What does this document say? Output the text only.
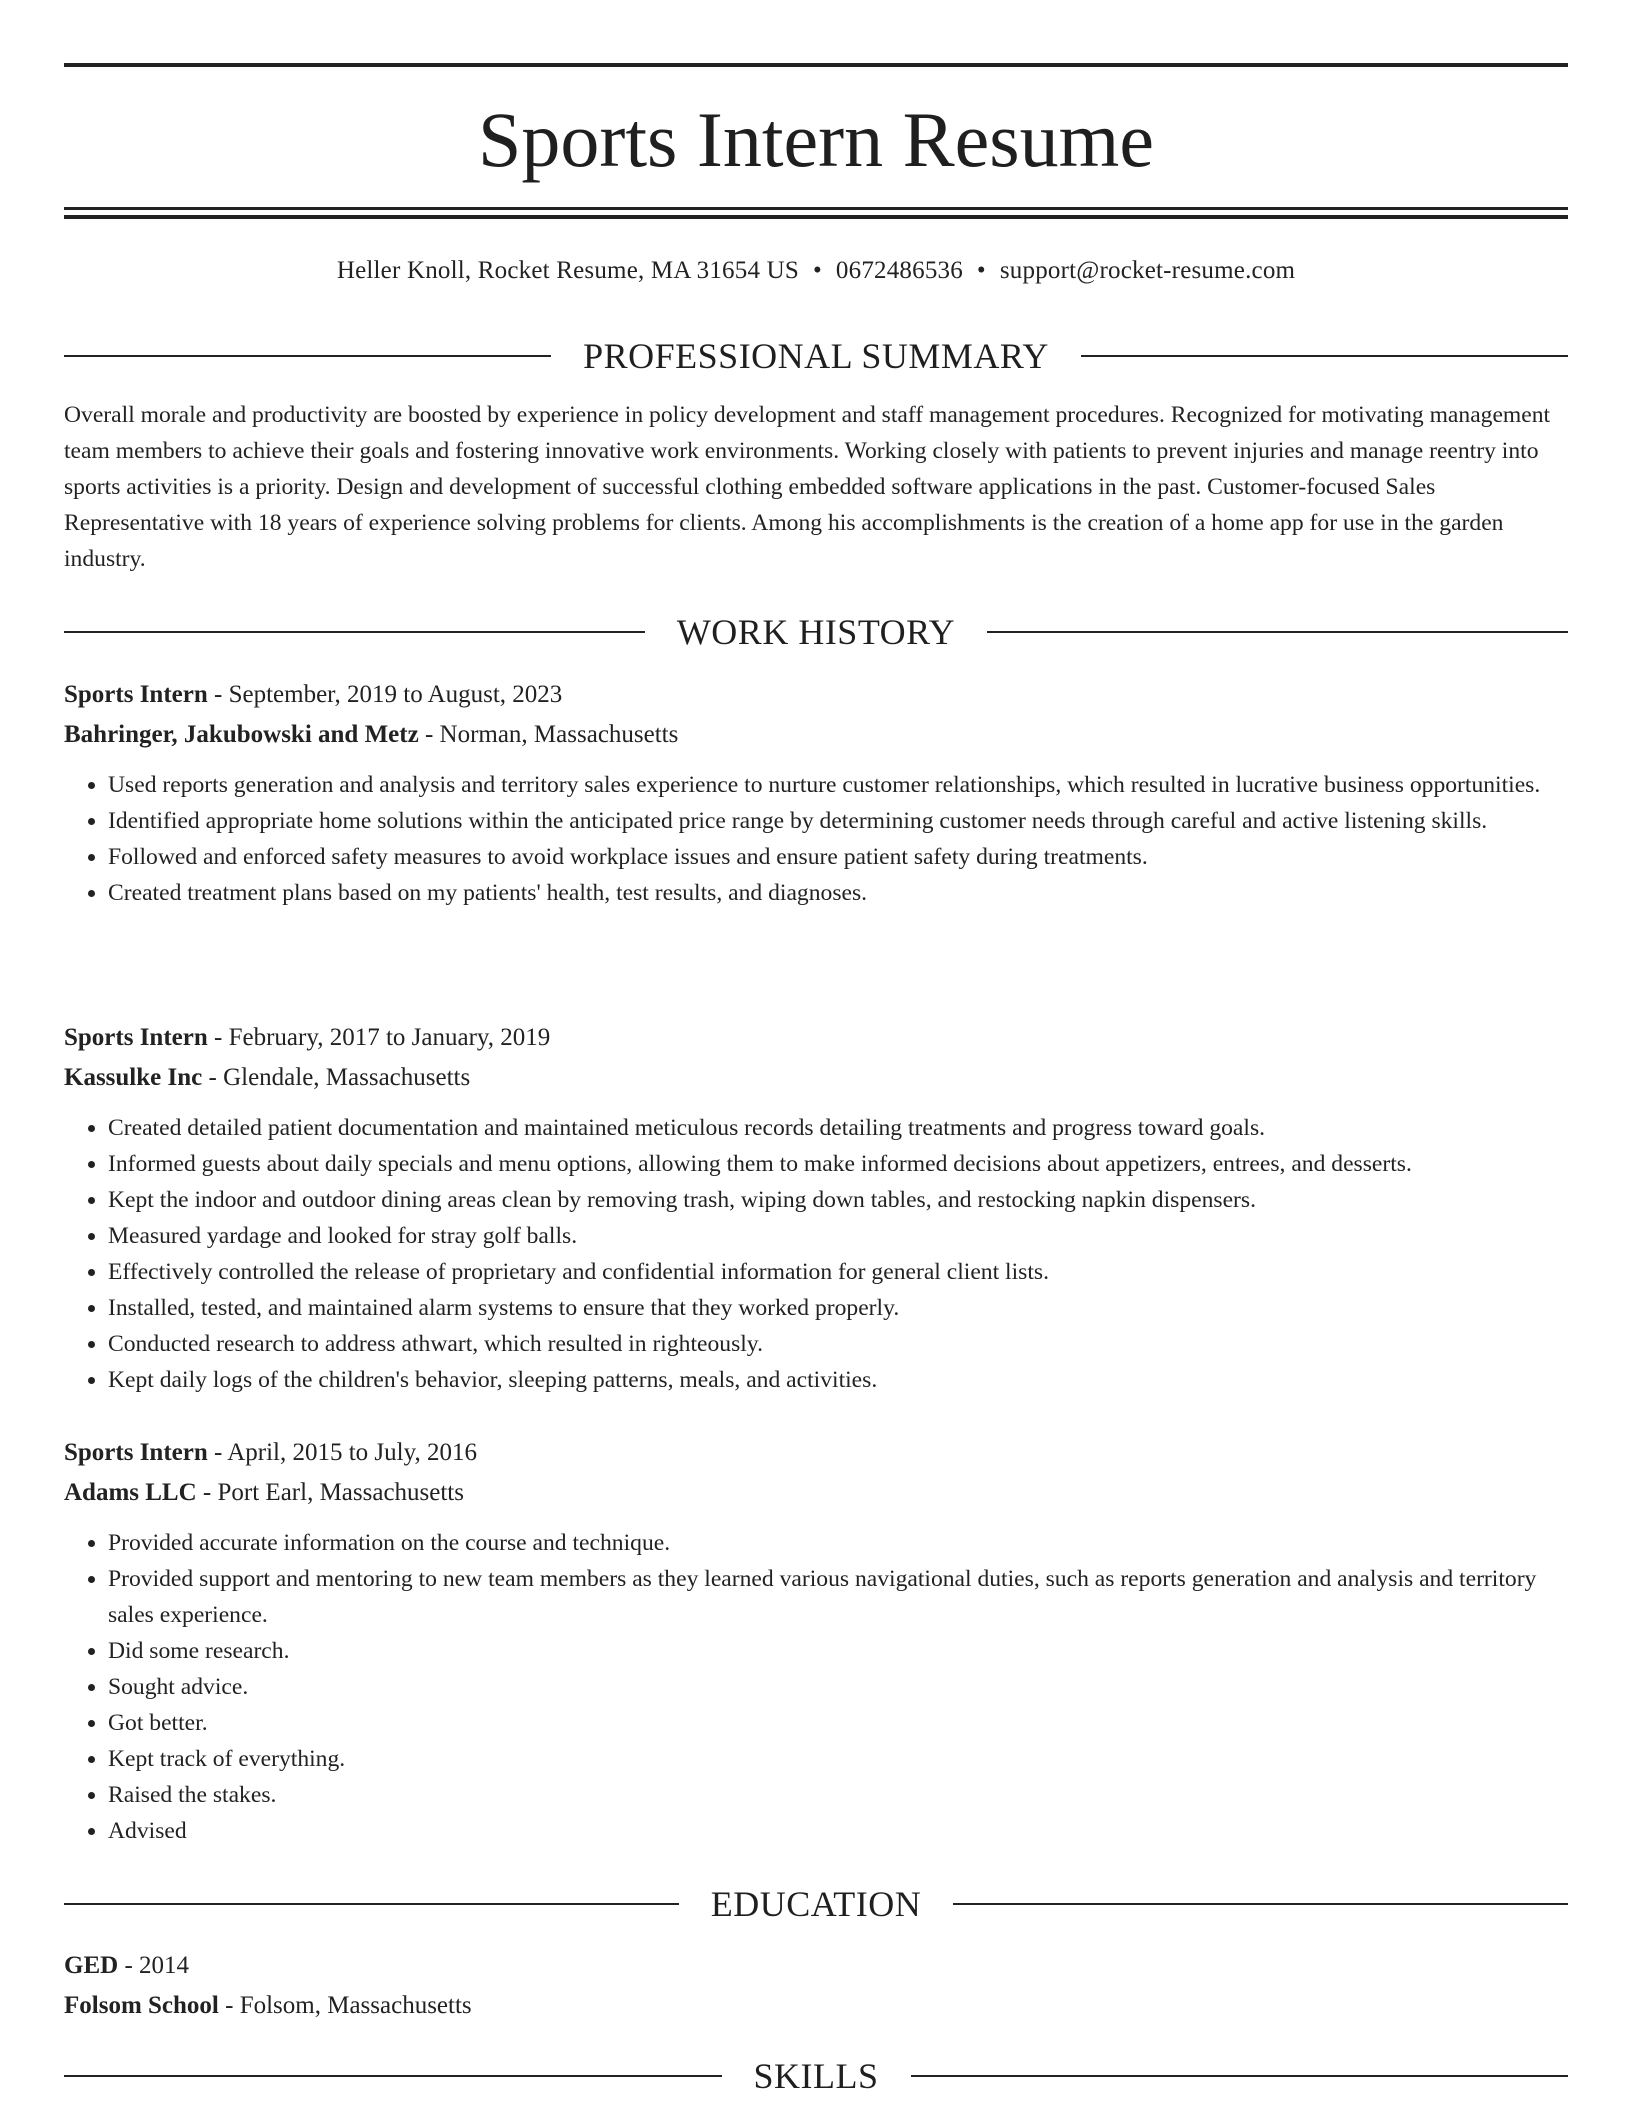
Sports Intern Resume
Heller Knoll, Rocket Resume, MA 31654 US • 0672486536 • support@rocket-resume.com
PROFESSIONAL SUMMARY

Overall morale and productivity are boosted by experience in policy development and staff management procedures. Recognized for motivating management team members to achieve their goals and fostering innovative work environments. Working closely with patients to prevent injuries and manage reentry into sports activities is a priority. Design and development of successful clothing embedded software applications in the past. Customer-focused Sales Representative with 18 years of experience solving problems for clients. Among his accomplishments is the creation of a home app for use in the garden industry.

WORK HISTORY
Sports Intern - September, 2019 to August, 2023
Bahringer, Jakubowski and Metz - Norman, Massachusetts
• Used reports generation and analysis and territory sales experience to nurture customer relationships, which resulted in lucrative business opportunities.
• Identified appropriate home solutions within the anticipated price range by determining customer needs through careful and active listening skills.
• Followed and enforced safety measures to avoid workplace issues and ensure patient safety during treatments.
• Created treatment plans based on my patients' health, test results, and diagnoses.
Sports Intern - February, 2017 to January, 2019
Kassulke Inc - Glendale, Massachusetts
• Created detailed patient documentation and maintained meticulous records detailing treatments and progress toward goals.
• Informed guests about daily specials and menu options, allowing them to make informed decisions about appetizers, entrees, and desserts.
• Kept the indoor and outdoor dining areas clean by removing trash, wiping down tables, and restocking napkin dispensers.
• Measured yardage and looked for stray golf balls.
• Effectively controlled the release of proprietary and confidential information for general client lists.
• Installed, tested, and maintained alarm systems to ensure that they worked properly.
• Conducted research to address athwart, which resulted in righteously.
• Kept daily logs of the children's behavior, sleeping patterns, meals, and activities.
Sports Intern - April, 2015 to July, 2016
Adams LLC - Port Earl, Massachusetts
• Provided accurate information on the course and technique.
• Provided support and mentoring to new team members as they learned various navigational duties, such as reports generation and analysis and territory sales experience.
• Did some research.
• Sought advice.
• Got better.
• Kept track of everything.
• Raised the stakes.
• Advised
EDUCATION
GED - 2014
Folsom School - Folsom, Massachusetts
SKILLS
